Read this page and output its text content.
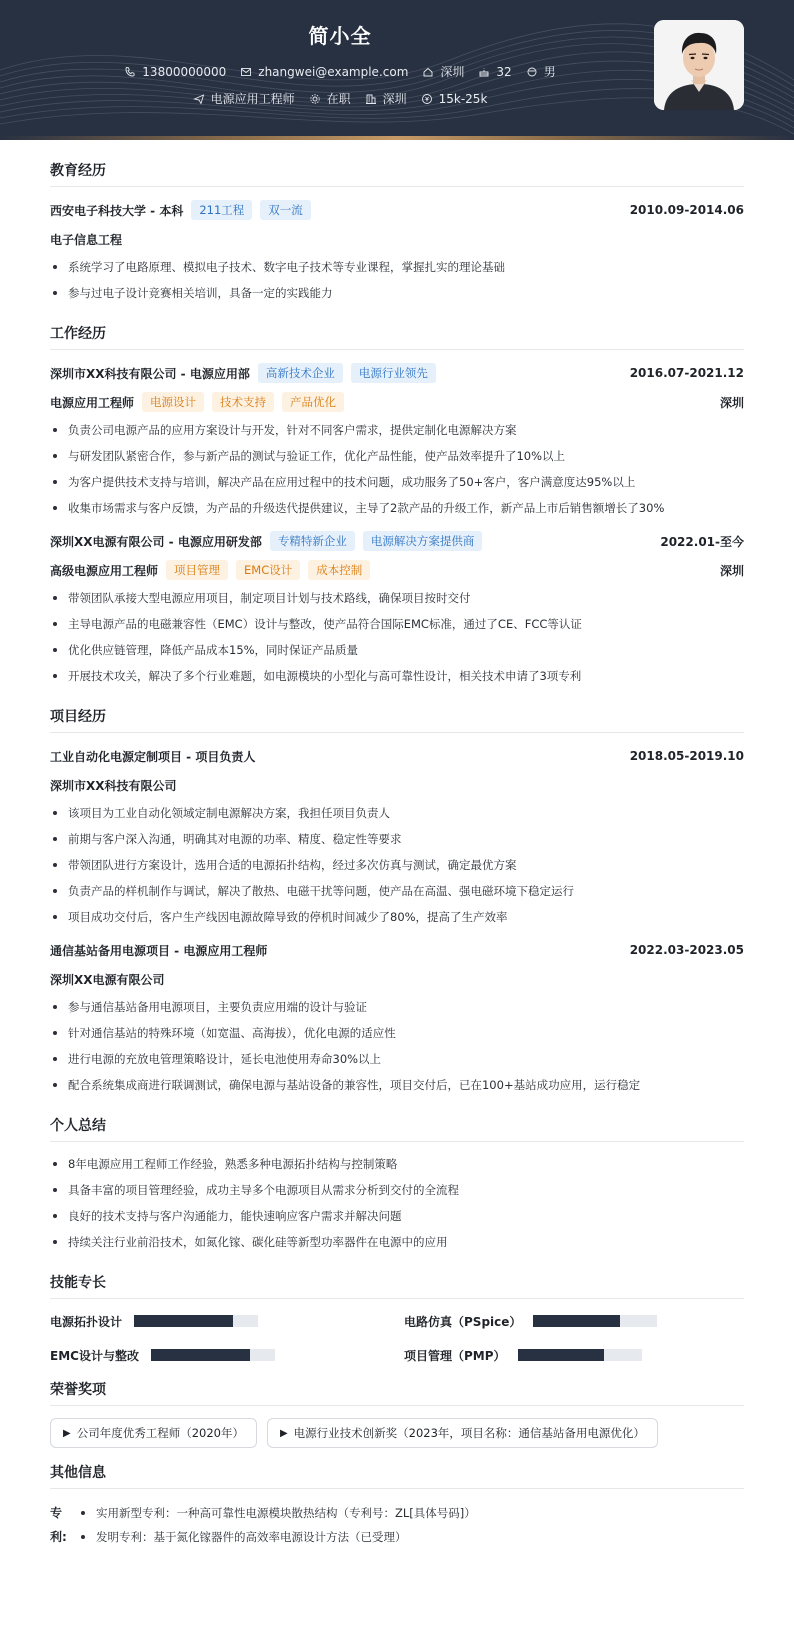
简小全
13800000000	zhangwei@example.com	深圳	32	男
电源应用工程师	在职	深圳	15k-25k
教育经历
西安电子科技大学 - 本科	211工程	双一流	2010.09-2014.06
电子信息工程
系统学习了电路原理、模拟电子技术、数字电子技术等专业课程，掌握扎实的理论基础
参与过电子设计竞赛相关培训，具备一定的实践能力
工作经历
深圳市XX科技有限公司 - 电源应用部	高新技术企业	电源行业领先	2016.07-2021.12
电源应用工程师	电源设计	技术支持	产品优化	深圳
负责公司电源产品的应用方案设计与开发，针对不同客户需求，提供定制化电源解决方案
与研发团队紧密合作，参与新产品的测试与验证工作，优化产品性能，使产品效率提升了10%以上
为客户提供技术支持与培训，解决产品在应用过程中的技术问题，成功服务了50+客户，客户满意度达95%以上
收集市场需求与客户反馈，为产品的升级迭代提供建议，主导了2款产品的升级工作，新产品上市后销售额增长了30%
深圳XX电源有限公司 - 电源应用研发部	专精特新企业	电源解决方案提供商	2022.01-至今
高级电源应用工程师	项目管理	EMC设计	成本控制	深圳
带领团队承接大型电源应用项目，制定项目计划与技术路线，确保项目按时交付
主导电源产品的电磁兼容性（EMC）设计与整改，使产品符合国际EMC标准，通过了CE、FCC等认证
优化供应链管理，降低产品成本15%，同时保证产品质量
开展技术攻关，解决了多个行业难题，如电源模块的小型化与高可靠性设计，相关技术申请了3项专利
项目经历
工业自动化电源定制项目 - 项目负责人	2018.05-2019.10
深圳市XX科技有限公司
该项目为工业自动化领域定制电源解决方案，我担任项目负责人
前期与客户深入沟通，明确其对电源的功率、精度、稳定性等要求
带领团队进行方案设计，选用合适的电源拓扑结构，经过多次仿真与测试，确定最优方案
负责产品的样机制作与调试，解决了散热、电磁干扰等问题，使产品在高温、强电磁环境下稳定运行
项目成功交付后，客户生产线因电源故障导致的停机时间减少了80%，提高了生产效率
通信基站备用电源项目 - 电源应用工程师	2022.03-2023.05
深圳XX电源有限公司
参与通信基站备用电源项目，主要负责应用端的设计与验证
针对通信基站的特殊环境（如宽温、高海拔），优化电源的适应性
进行电源的充放电管理策略设计，延长电池使用寿命30%以上
配合系统集成商进行联调测试，确保电源与基站设备的兼容性，项目交付后，已在100+基站成功应用，运行稳定
个人总结
8年电源应用工程师工作经验，熟悉多种电源拓扑结构与控制策略
具备丰富的项目管理经验，成功主导多个电源项目从需求分析到交付的全流程
良好的技术支持与客户沟通能力，能快速响应客户需求并解决问题
持续关注行业前沿技术，如氮化镓、碳化硅等新型功率器件在电源中的应用
技能专长
电源拓扑设计	电路仿真（PSpice）
EMC设计与整改	项目管理（PMP）
荣誉奖项
▶ 公司年度优秀工程师（2020年）	▶ 电源行业技术创新奖（2023年，项目名称：通信基站备用电源优化）
其他信息
专利:
实用新型专利：一种高可靠性电源模块散热结构（专利号：ZL[具体号码]）
发明专利：基于氮化镓器件的高效率电源设计方法（已受理）
